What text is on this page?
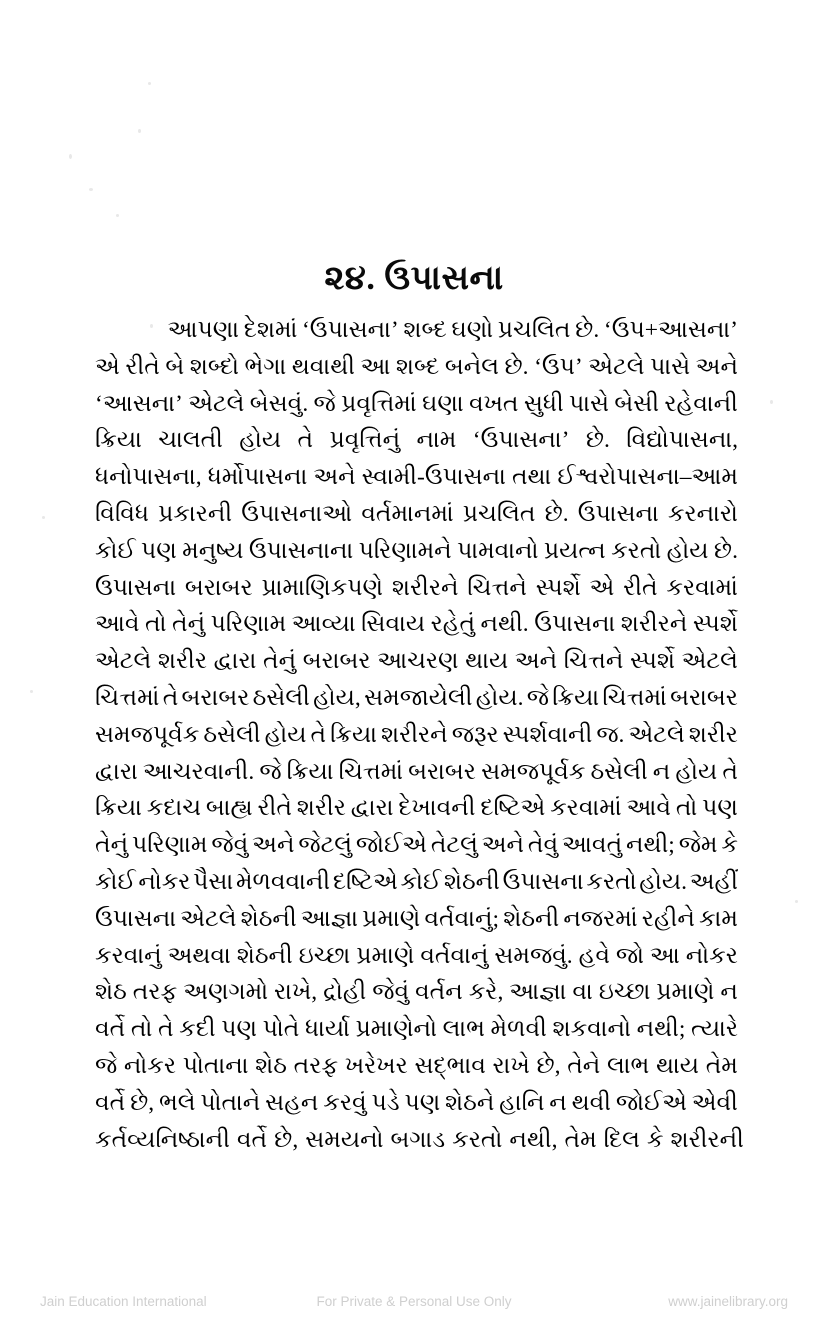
૨૪. ઉપાસના
આપણા દેશમાં ‘ઉપાસના’ શબ્દ ઘણો પ્રચલિત છે. ‘ઉપ+આસના’
એ રીતે બે શબ્દો ભેગા થવાથી આ શબ્દ બનેલ છે. ‘ઉપ’ એટલે પાસે અને
‘આસના’ એટલે બેસવું. જે પ્રવૃત્તિમાં ઘણા વખત સુધી પાસે બેસી રહેવાની
ક્રિયા ચાલતી હોય તે પ્રવૃત્તિનું નામ ‘ઉપાસના’ છે. વિદ્યોપાસના,
ધનોપાસના, ધર્મોપાસના અને સ્વામી-ઉપાસના તથા ઈશ્વરોપાસના–આમ
વિવિધ પ્રકારની ઉપાસનાઓ વર્તમાનમાં પ્રચલિત છે. ઉપાસના કરનારો
કોઈ પણ મનુષ્ય ઉપાસનાના પરિણામને પામવાનો પ્રયત્ન કરતો હોય છે.
ઉપાસના બરાબર પ્રામાણિકપણે શરીરને ચિત્તને સ્પર્શે એ રીતે કરવામાં
આવે તો તેનું પરિણામ આવ્યા સિવાય રહેતું નથી. ઉપાસના શરીરને સ્પર્શે
એટલે શરીર દ્વારા તેનું બરાબર આચરણ થાય અને ચિત્તને સ્પર્શે એટલે
ચિત્તમાં તે બરાબર ઠસેલી હોય, સમજાયેલી હોય. જે ક્રિયા ચિત્તમાં બરાબર
સમજપૂર્વક ઠસેલી હોય તે ક્રિયા શરીરને જરૂર સ્પર્શવાની જ. એટલે શરીર
દ્વારા આચરવાની. જે ક્રિયા ચિત્તમાં બરાબર સમજપૂર્વક ઠસેલી ન હોય તે
ક્રિયા કદાચ બાહ્ય રીતે શરીર દ્વારા દેખાવની દષ્ટિએ કરવામાં આવે તો પણ
તેનું પરિણામ જેવું અને જેટલું જોઈએ તેટલું અને તેવું આવતું નથી; જેમ કે
કોઈ નોકર પૈસા મેળવવાની દષ્ટિએ કોઈ શેઠની ઉપાસના કરતો હોય. અહીં
ઉપાસના એટલે શેઠની આજ્ઞા પ્રમાણે વર્તવાનું; શેઠની નજરમાં રહીને કામ
કરવાનું અથવા શેઠની ઇચ્છા પ્રમાણે વર્તવાનું સમજવું. હવે જો આ નોકર
શેઠ તરફ અણગમો રાખે, દ્રોહી જેવું વર્તન કરે, આજ્ઞા વા ઇચ્છા પ્રમાણે ન
વર્તે તો તે કદી પણ પોતે ધાર્યા પ્રમાણેનો લાભ મેળવી શકવાનો નથી; ત્યારે
જે નોકર પોતાના શેઠ તરફ ખરેખર સદ્‌ભાવ રાખે છે, તેને લાભ થાય તેમ
વર્તે છે, ભલે પોતાને સહન કરવું પડે પણ શેઠને હાનિ ન થવી જોઈએ એવી
કર્તવ્યનિષ્ઠાની વર્તે છે, સમયનો બગાડ કરતો નથી, તેમ દિલ કે શરીરની
Jain Education International	For Private & Personal Use Only	www.jainelibrary.org
